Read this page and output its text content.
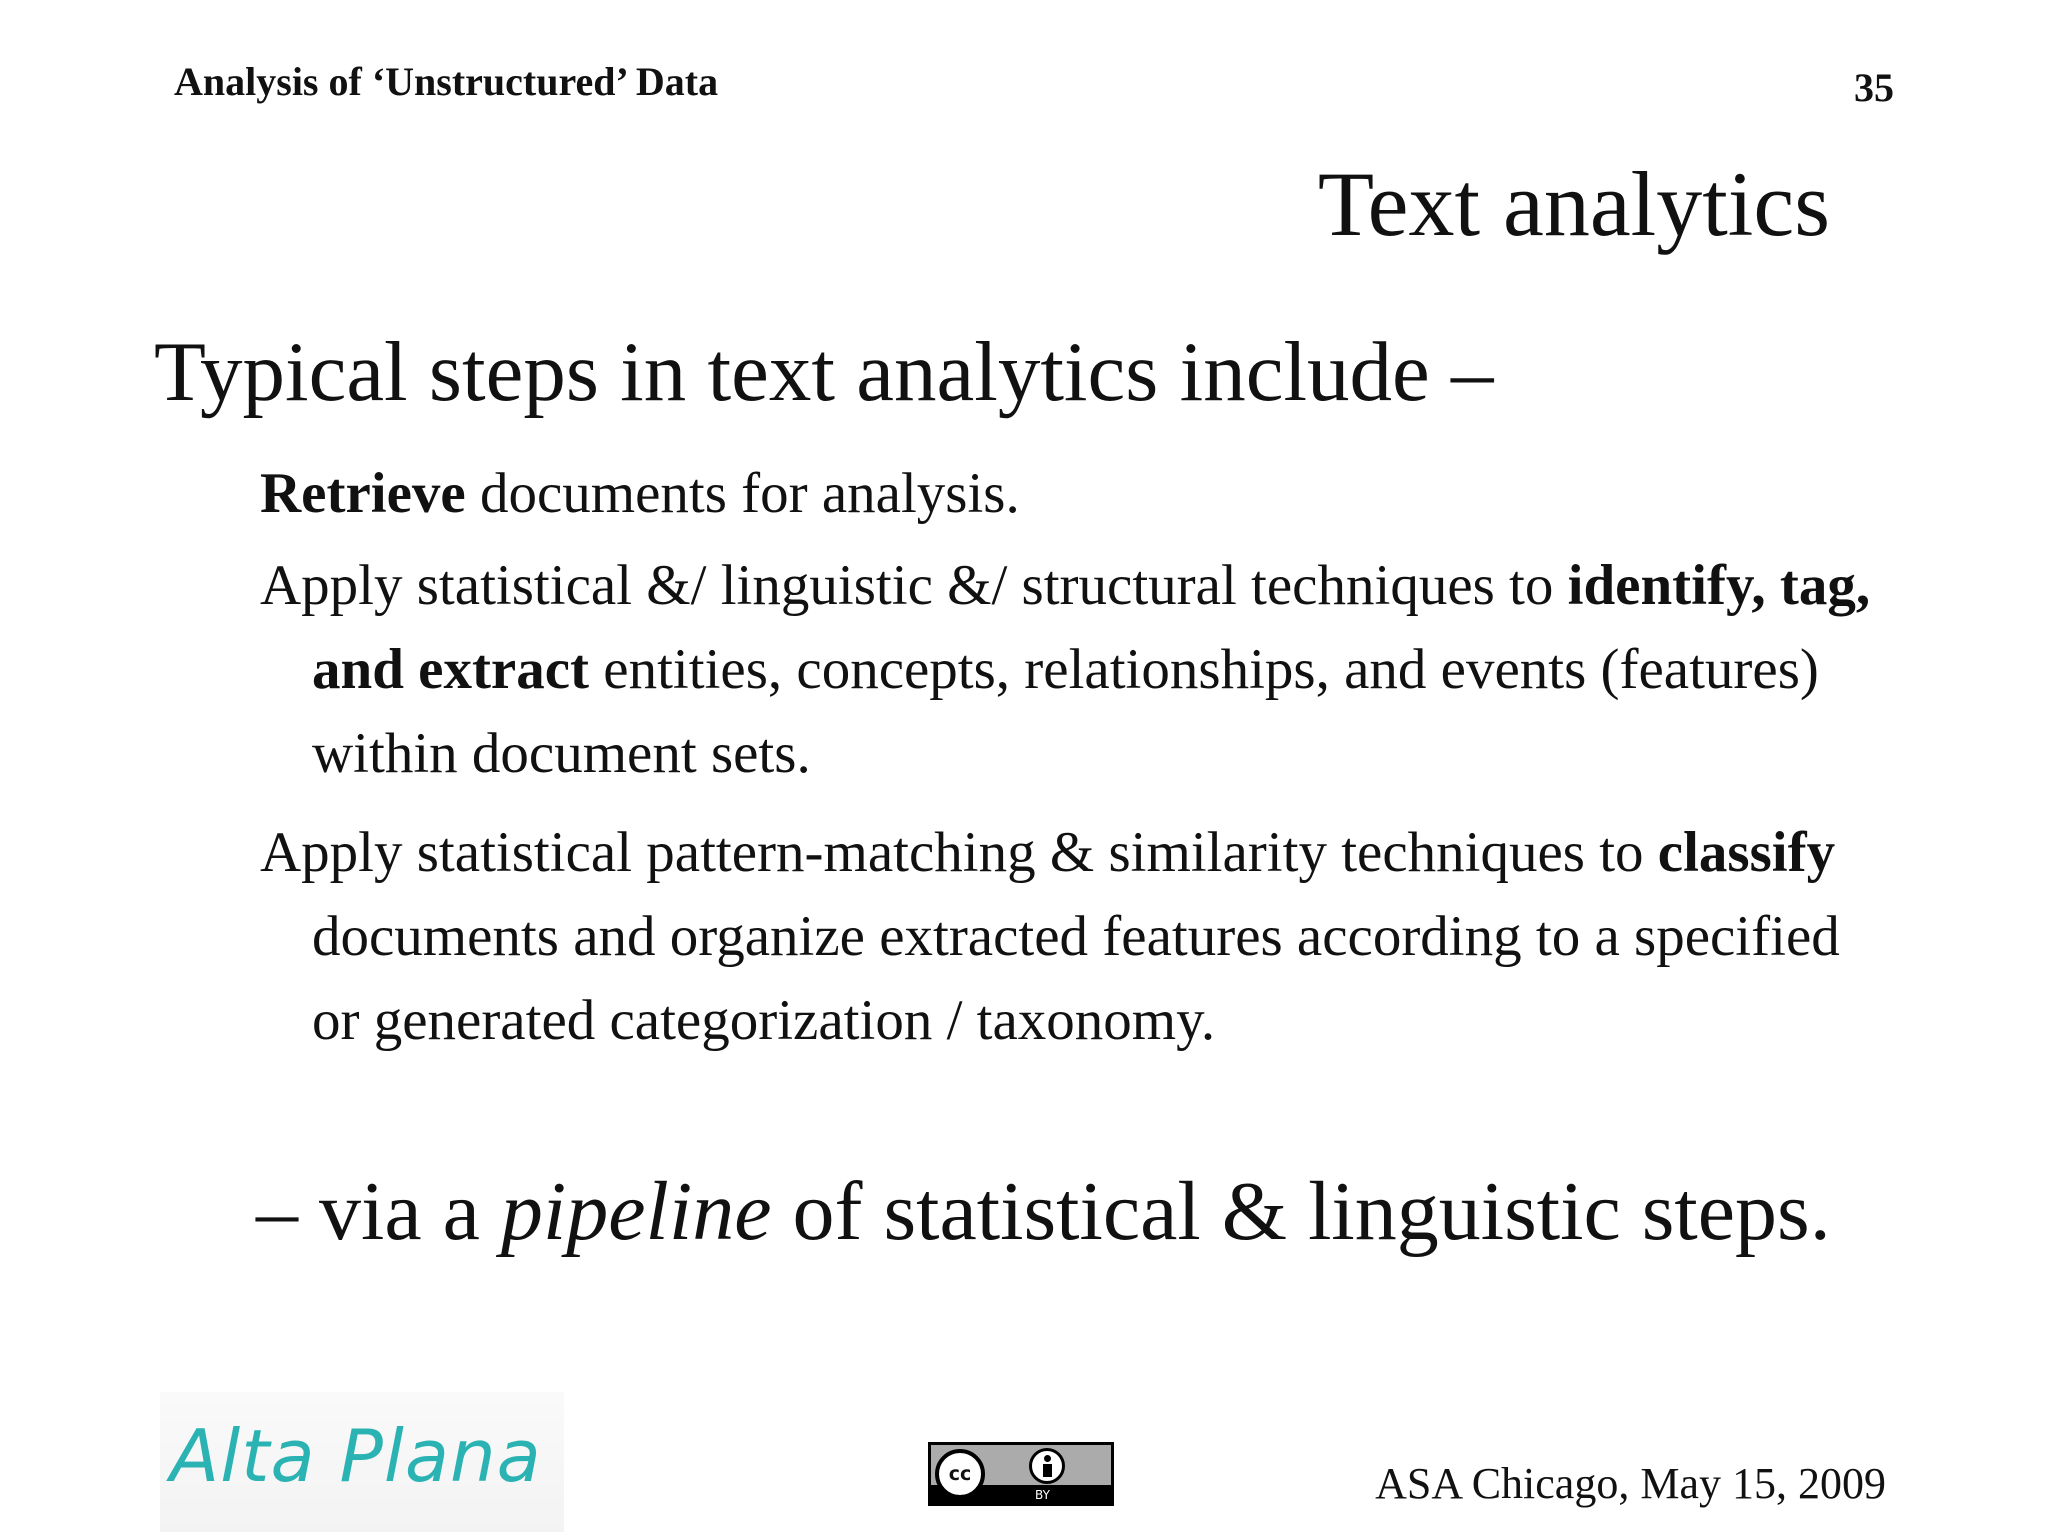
Analysis of ‘Unstructured’ Data	35
Text analytics
Typical steps in text analytics include –

Retrieve documents for analysis.

Apply statistical &/ linguistic &/ structural techniques to identify, tag, and extract entities, concepts, relationships, and events (features) within document sets.

Apply statistical pattern-matching & similarity techniques to classify documents and organize extracted features according to a specified or generated categorization / taxonomy.

– via a pipeline of statistical & linguistic steps.
Alta Plana	cc
BY	ASA Chicago, May 15, 2009
